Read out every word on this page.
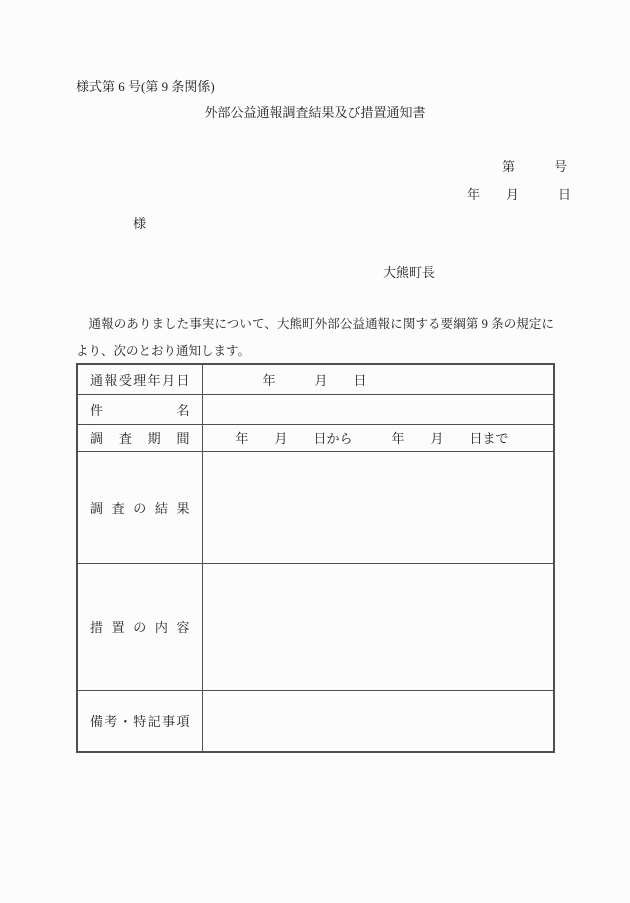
様式第 6 号(第 9 条関係)
外部公益通報調査結果及び措置通知書
第　　　号
年　　月　　　日
様
大熊町長
通報のありました事実について、大熊町外部公益通報に関する要綱第 9 条の規定に
より、次のとおり通知します。
通報受理年月日	年　　　月　　日
件名	
調査期間	年　　月　　日から　　　年　　月　　日まで
調査の結果	
措置の内容	
備考・特記事項	
